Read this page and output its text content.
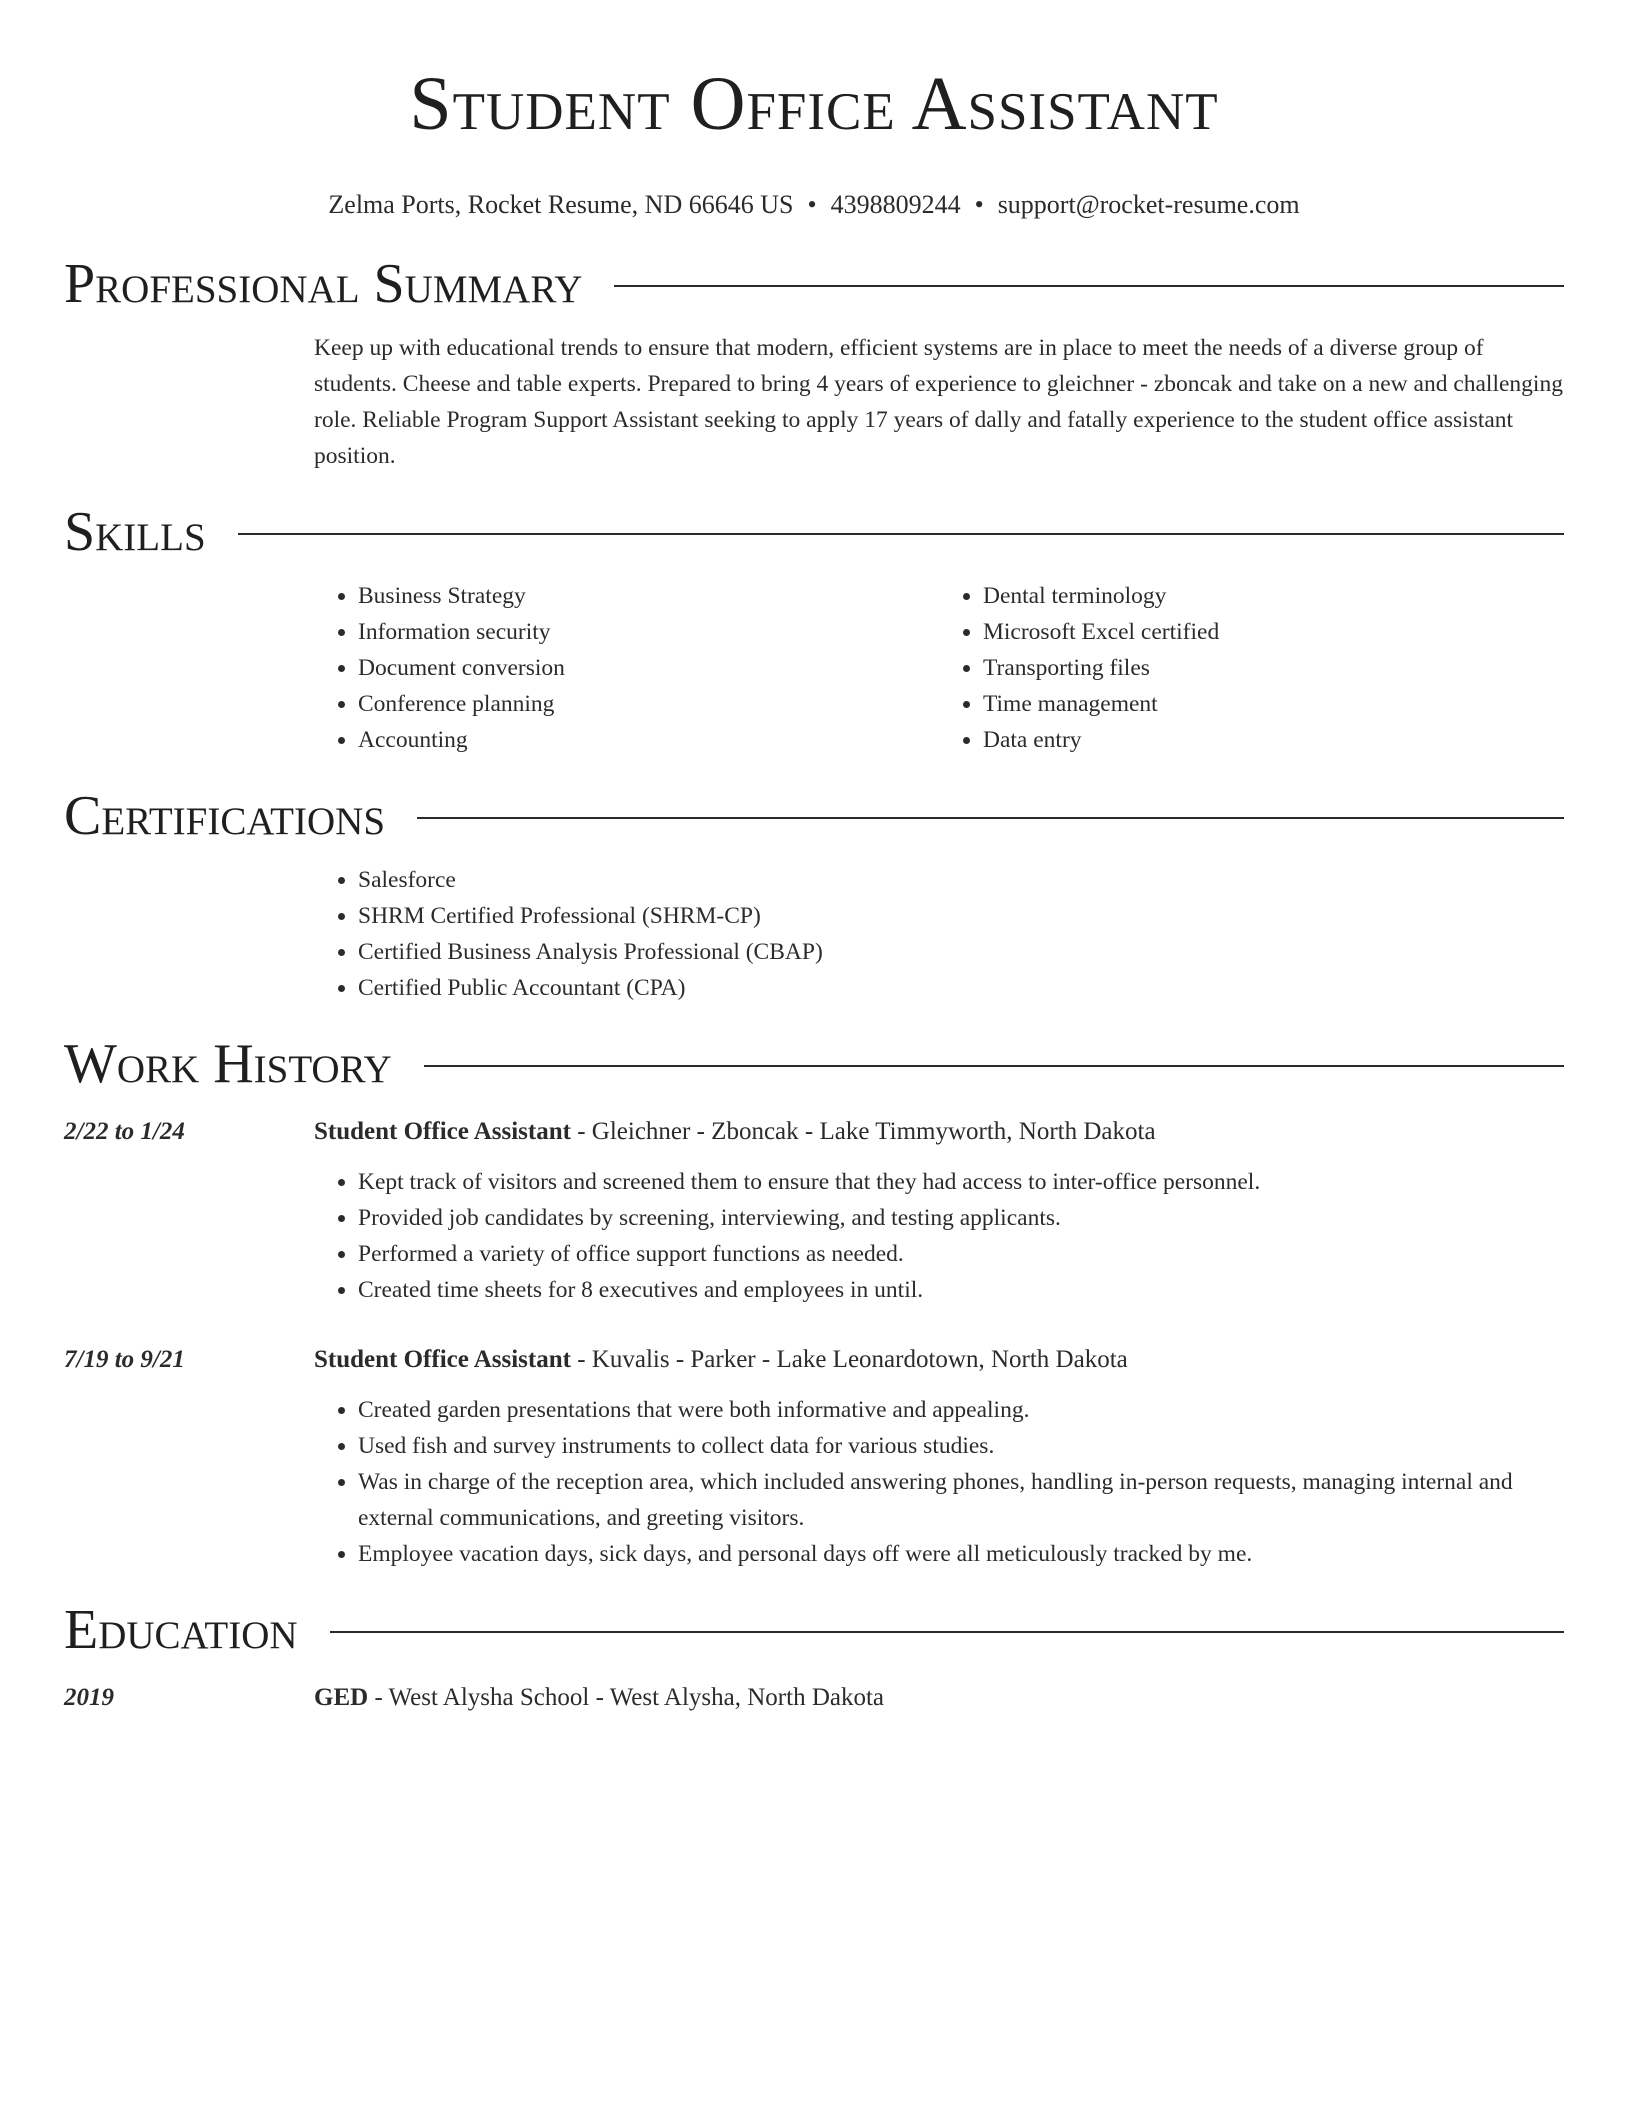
Student Office Assistant
Zelma Ports, Rocket Resume, ND 66646 US • 4398809244 • support@rocket-resume.com
Professional Summary
Keep up with educational trends to ensure that modern, efficient systems are in place to meet the needs of a diverse group of students. Cheese and table experts. Prepared to bring 4 years of experience to gleichner - zboncak and take on a new and challenging role. Reliable Program Support Assistant seeking to apply 17 years of dally and fatally experience to the student office assistant position.
Skills
• Business Strategy
• Information security
• Document conversion
• Conference planning
• Accounting
• Dental terminology
• Microsoft Excel certified
• Transporting files
• Time management
• Data entry
Certifications
• Salesforce
• SHRM Certified Professional (SHRM-CP)
• Certified Business Analysis Professional (CBAP)
• Certified Public Accountant (CPA)
Work History
2/22 to 1/24	Student Office Assistant - Gleichner - Zboncak - Lake Timmyworth, North Dakota
• Kept track of visitors and screened them to ensure that they had access to inter-office personnel.
• Provided job candidates by screening, interviewing, and testing applicants.
• Performed a variety of office support functions as needed.
• Created time sheets for 8 executives and employees in until.
7/19 to 9/21	Student Office Assistant - Kuvalis - Parker - Lake Leonardotown, North Dakota
• Created garden presentations that were both informative and appealing.
• Used fish and survey instruments to collect data for various studies.
• Was in charge of the reception area, which included answering phones, handling in-person requests, managing internal and external communications, and greeting visitors.
• Employee vacation days, sick days, and personal days off were all meticulously tracked by me.
Education
2019	GED - West Alysha School - West Alysha, North Dakota
